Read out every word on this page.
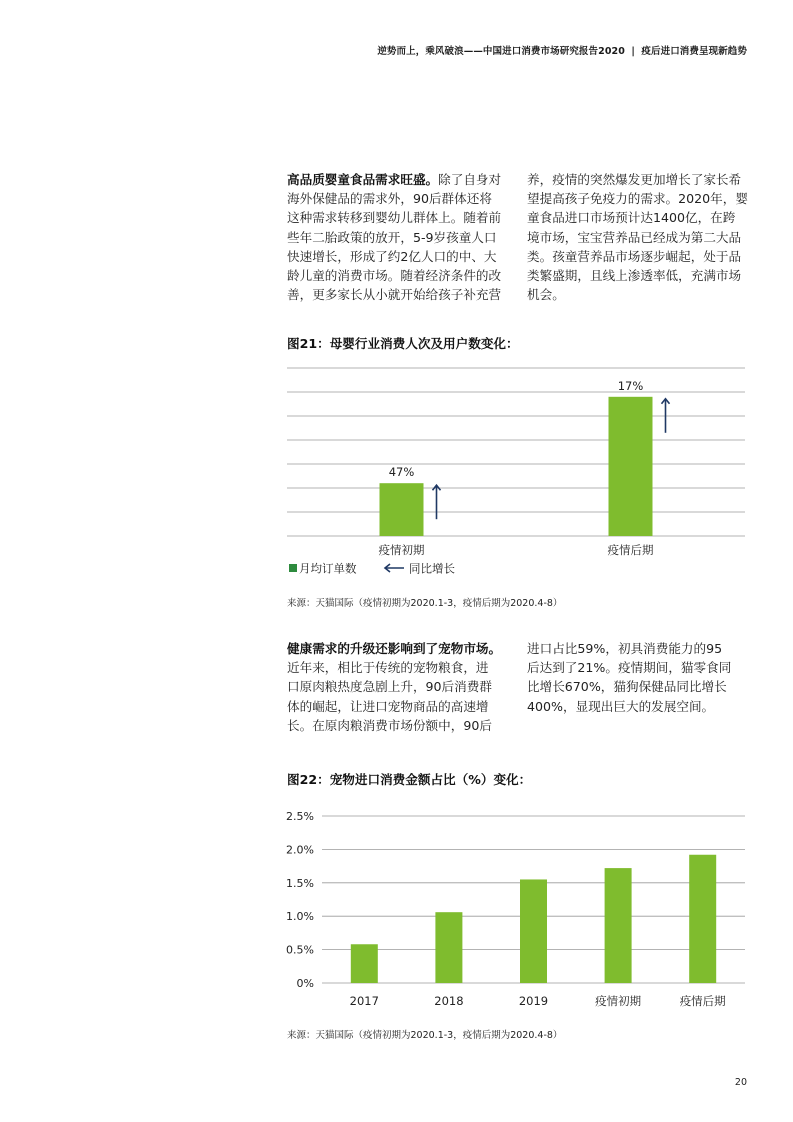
逆势而上，乘风破浪——中国进口消费市场研究报告2020 | 疫后进口消费呈现新趋势
高品质婴童食品需求旺盛。除了自身对
海外保健品的需求外，90后群体还将
这种需求转移到婴幼儿群体上。随着前
些年二胎政策的放开，5-9岁孩童人口
快速增长，形成了约2亿人口的中、大
龄儿童的消费市场。随着经济条件的改
善，更多家长从小就开始给孩子补充营
养，疫情的突然爆发更加增长了家长希
望提高孩子免疫力的需求。2020年，婴
童食品进口市场预计达1400亿，在跨
境市场，宝宝营养品已经成为第二大品
类。孩童营养品市场逐步崛起，处于品
类繁盛期，且线上渗透率低，充满市场
机会。
图21：母婴行业消费人次及用户数变化：
47%
疫情初期
17%
疫情后期
月均订单数	同比增长
来源：天猫国际（疫情初期为2020.1-3，疫情后期为2020.4-8）
健康需求的升级还影响到了宠物市场。
近年来，相比于传统的宠物粮食，进
口原肉粮热度急剧上升，90后消费群
体的崛起，让进口宠物商品的高速增
长。在原肉粮消费市场份额中，90后
进口占比59%，初具消费能力的95
后达到了21%。疫情期间，猫零食同
比增长670%，猫狗保健品同比增长
400%，显现出巨大的发展空间。
图22：宠物进口消费金额占比（%）变化：
0%
0.5%
1.0%
1.5%
2.0%
2.5%
2017	2018	2019	疫情初期	疫情后期
来源：天猫国际（疫情初期为2020.1-3，疫情后期为2020.4-8）
20
